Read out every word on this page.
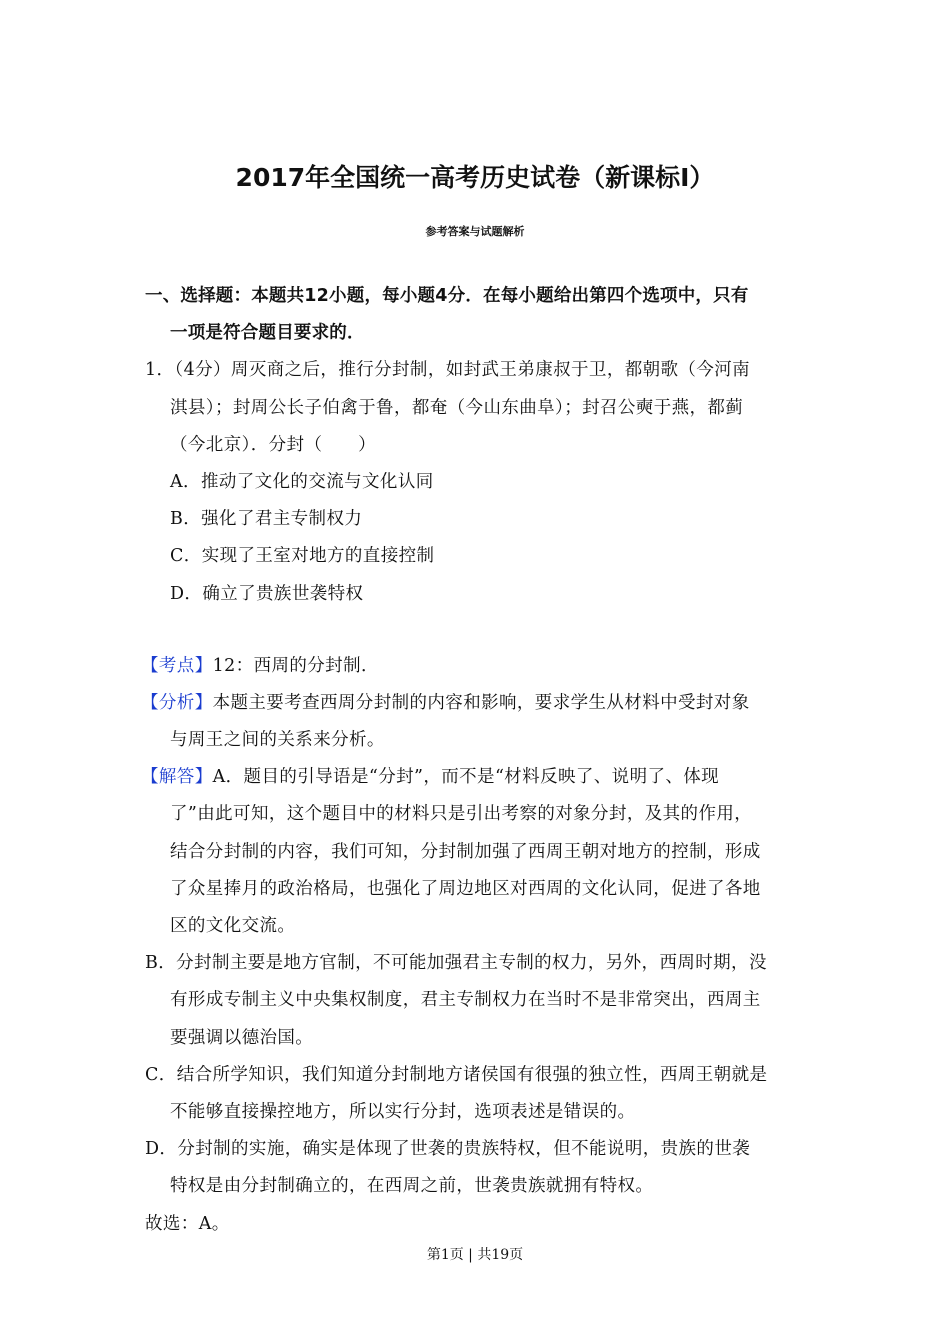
2017年全国统一高考历史试卷（新课标Ⅰ）
参考答案与试题解析
一、选择题：本题共12小题，每小题4分．在每小题给出第四个选项中，只有
一项是符合题目要求的．
1．（4分）周灭商之后，推行分封制，如封武王弟康叔于卫，都朝歌（今河南
淇县）；封周公长子伯禽于鲁，都奄（今山东曲阜）；封召公奭于燕，都蓟
（今北京）．分封（　　）
A．推动了文化的交流与文化认同
B．强化了君主专制权力
C．实现了王室对地方的直接控制
D．确立了贵族世袭特权
【考点】12：西周的分封制．
【分析】本题主要考查西周分封制的内容和影响，要求学生从材料中受封对象
与周王之间的关系来分析。
【解答】A．题目的引导语是“分封”，而不是“材料反映了、说明了、体现
了”由此可知，这个题目中的材料只是引出考察的对象分封，及其的作用，
结合分封制的内容，我们可知，分封制加强了西周王朝对地方的控制，形成
了众星捧月的政治格局，也强化了周边地区对西周的文化认同，促进了各地
区的文化交流。
B．分封制主要是地方官制，不可能加强君主专制的权力，另外，西周时期，没
有形成专制主义中央集权制度，君主专制权力在当时不是非常突出，西周主
要强调以德治国。
C．结合所学知识，我们知道分封制地方诸侯国有很强的独立性，西周王朝就是
不能够直接操控地方，所以实行分封，选项表述是错误的。
D．分封制的实施，确实是体现了世袭的贵族特权，但不能说明，贵族的世袭
特权是由分封制确立的，在西周之前，世袭贵族就拥有特权。
故选：A。
第1页 | 共19页
